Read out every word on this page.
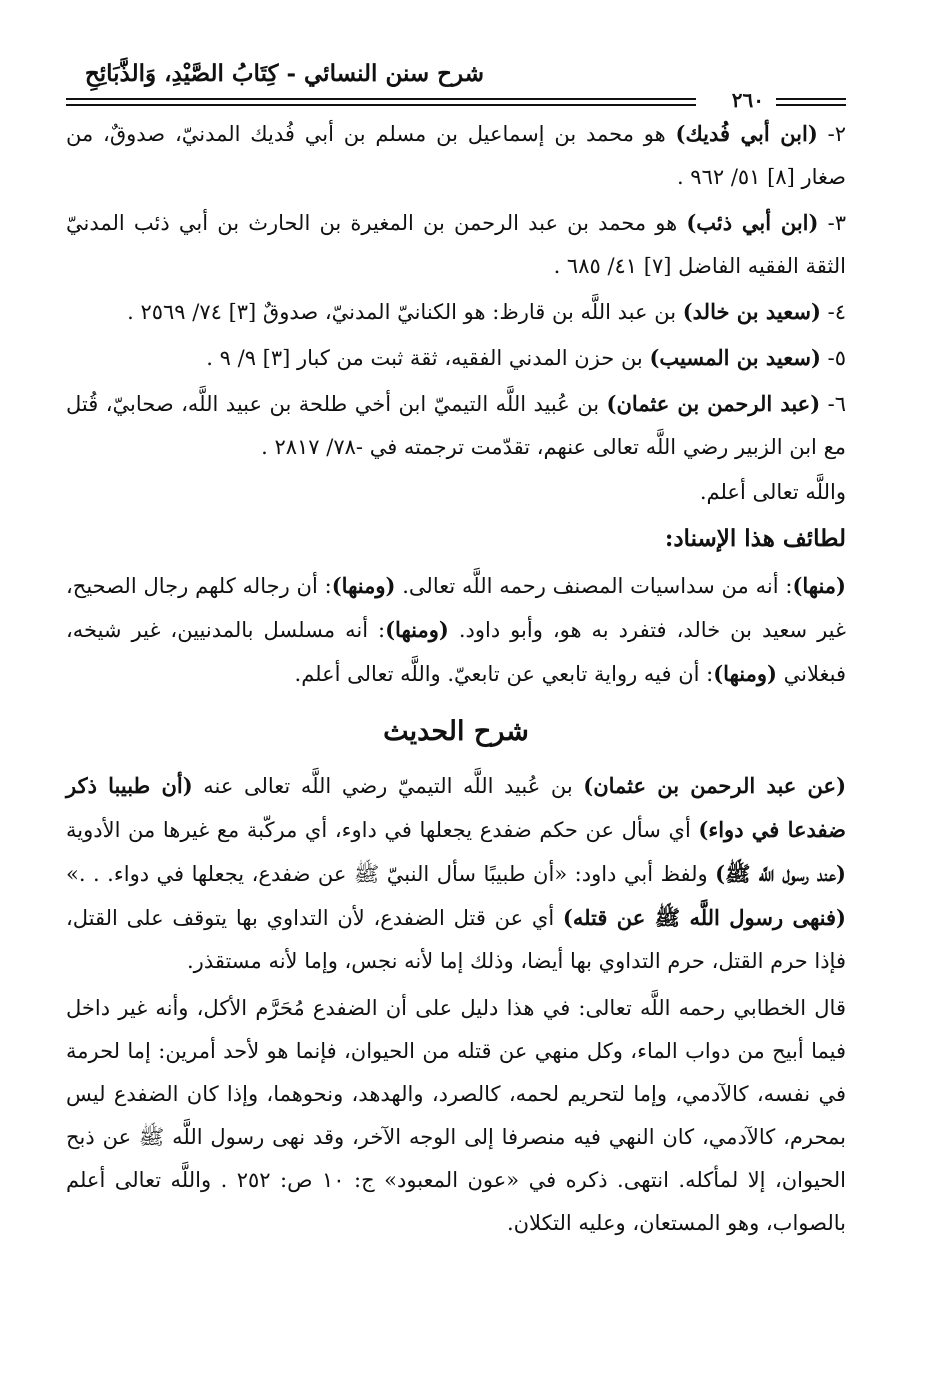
شرح سنن النسائي - كِتَابُ الصَّيْدِ، وَالذَّبَائِحِ
٢٦٠

٢- (ابن أبي فُديك) هو محمد بن إسماعيل بن مسلم بن أبي فُديك المدنيّ، صدوقٌ، من صغار [٨] ٥١/ ٩٦٢ .

٣- (ابن أبي ذئب) هو محمد بن عبد الرحمن بن المغيرة بن الحارث بن أبي ذئب المدنيّ الثقة الفقيه الفاضل [٧] ٤١/ ٦٨٥ .

٤- (سعيد بن خالد) بن عبد اللَّه بن قارظ: هو الكنانيّ المدنيّ، صدوقٌ [٣] ٧٤/ ٢٥٦٩ .

٥- (سعيد بن المسيب) بن حزن المدني الفقيه، ثقة ثبت من كبار [٣] ٩/ ٩ .

٦- (عبد الرحمن بن عثمان) بن عُبيد اللَّه التيميّ ابن أخي طلحة بن عبيد اللَّه، صحابيّ، قُتل مع ابن الزبير رضي اللَّه تعالى عنهم، تقدّمت ترجمته في -٧٨/ ٢٨١٧ .

واللَّه تعالى أعلم.

لطائف هذا الإسناد:

(منها): أنه من سداسيات المصنف رحمه اللَّه تعالى. (ومنها): أن رجاله كلهم رجال الصحيح، غير سعيد بن خالد، فتفرد به هو، وأبو داود. (ومنها): أنه مسلسل بالمدنيين، غير شيخه، فبغلاني (ومنها): أن فيه رواية تابعي عن تابعيّ. واللَّه تعالى أعلم.

شرح الحديث

(عن عبد الرحمن بن عثمان) بن عُبيد اللَّه التيميّ رضي اللَّه تعالى عنه (أن طبيبا ذكر ضفدعا في دواء) أي سأل عن حكم ضفدع يجعلها في داوء، أي مركّبة مع غيرها من الأدوية (عند رسول اللَّه ﷺ) ولفظ أبي داود: «أن طبيبًا سأل النبيّ ﷺ عن ضفدع، يجعلها في دواء. . .» (فنهى رسول اللَّه ﷺ عن قتله) أي عن قتل الضفدع، لأن التداوي بها يتوقف على القتل، فإذا حرم القتل، حرم التداوي بها أيضا، وذلك إما لأنه نجس، وإما لأنه مستقذر.

قال الخطابي رحمه اللَّه تعالى: في هذا دليل على أن الضفدع مُحَرَّم الأكل، وأنه غير داخل فيما أبيح من دواب الماء، وكل منهي عن قتله من الحيوان، فإنما هو لأحد أمرين: إما لحرمة في نفسه، كالآدمي، وإما لتحريم لحمه، كالصرد، والهدهد، ونحوهما، وإذا كان الضفدع ليس بمحرم، كالآدمي، كان النهي فيه منصرفا إلى الوجه الآخر، وقد نهى رسول اللَّه ﷺ عن ذبح الحيوان، إلا لمأكله. انتهى. ذكره في «عون المعبود» ج: ١٠ ص: ٢٥٢ . واللَّه تعالى أعلم بالصواب، وهو المستعان، وعليه التكلان.
